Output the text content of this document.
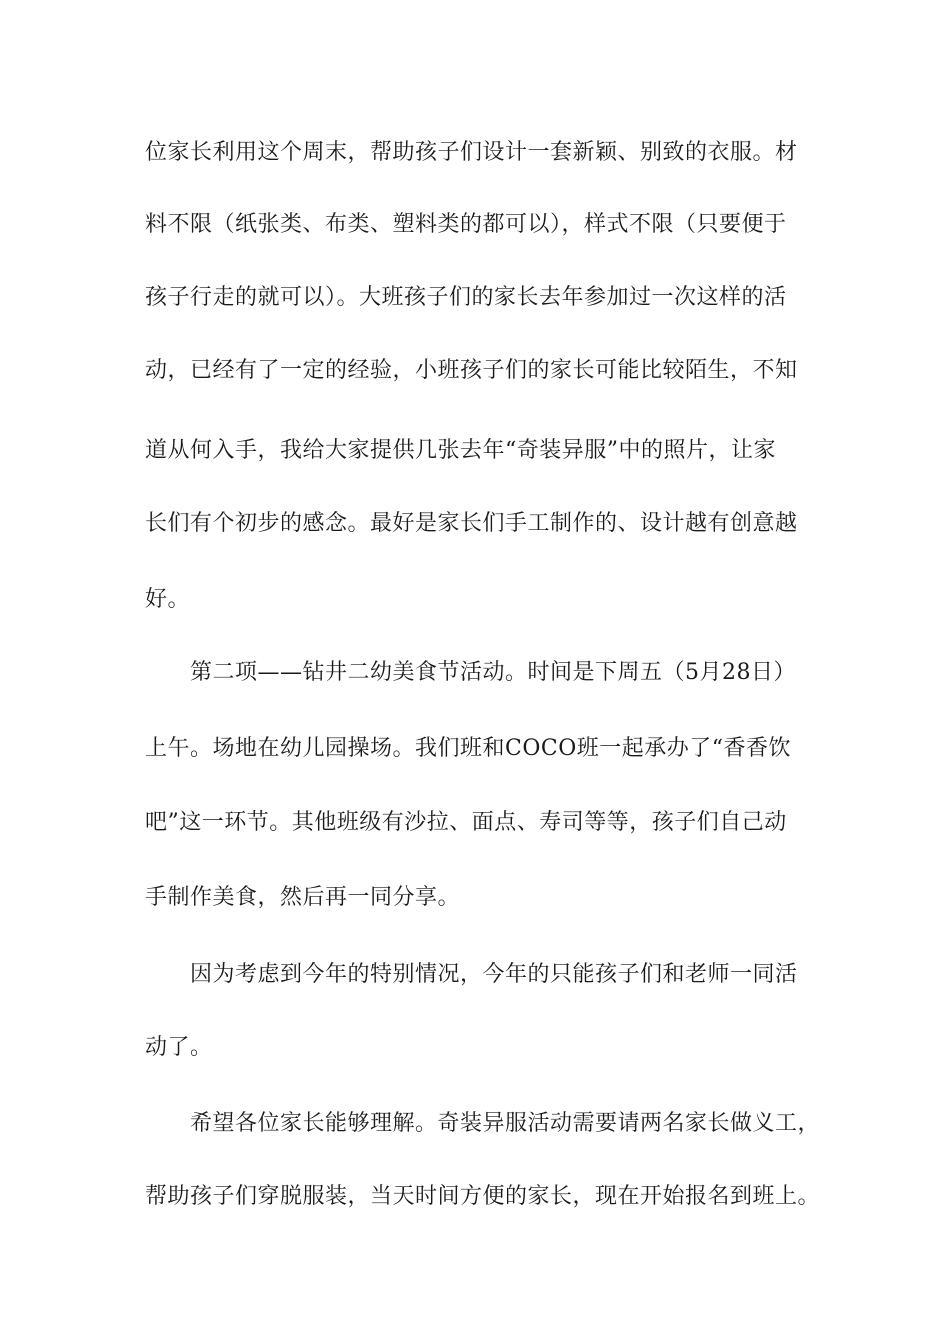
位家长利用这个周末，帮助孩子们设计一套新颖、别致的衣服。材
料不限（纸张类、布类、塑料类的都可以），样式不限（只要便于
孩子行走的就可以）。大班孩子们的家长去年参加过一次这样的活
动，已经有了一定的经验，小班孩子们的家长可能比较陌生，不知
道从何入手，我给大家提供几张去年“奇装异服”中的照片，让家
长们有个初步的感念。最好是家长们手工制作的、设计越有创意越
好。
第二项——钻井二幼美食节活动。时间是下周五（5月28日）
上午。场地在幼儿园操场。我们班和COCO班一起承办了“香香饮
吧”这一环节。其他班级有沙拉、面点、寿司等等，孩子们自己动
手制作美食，然后再一同分享。
因为考虑到今年的特别情况，今年的只能孩子们和老师一同活
动了。
希望各位家长能够理解。奇装异服活动需要请两名家长做义工，
帮助孩子们穿脱服装，当天时间方便的家长，现在开始报名到班上。
